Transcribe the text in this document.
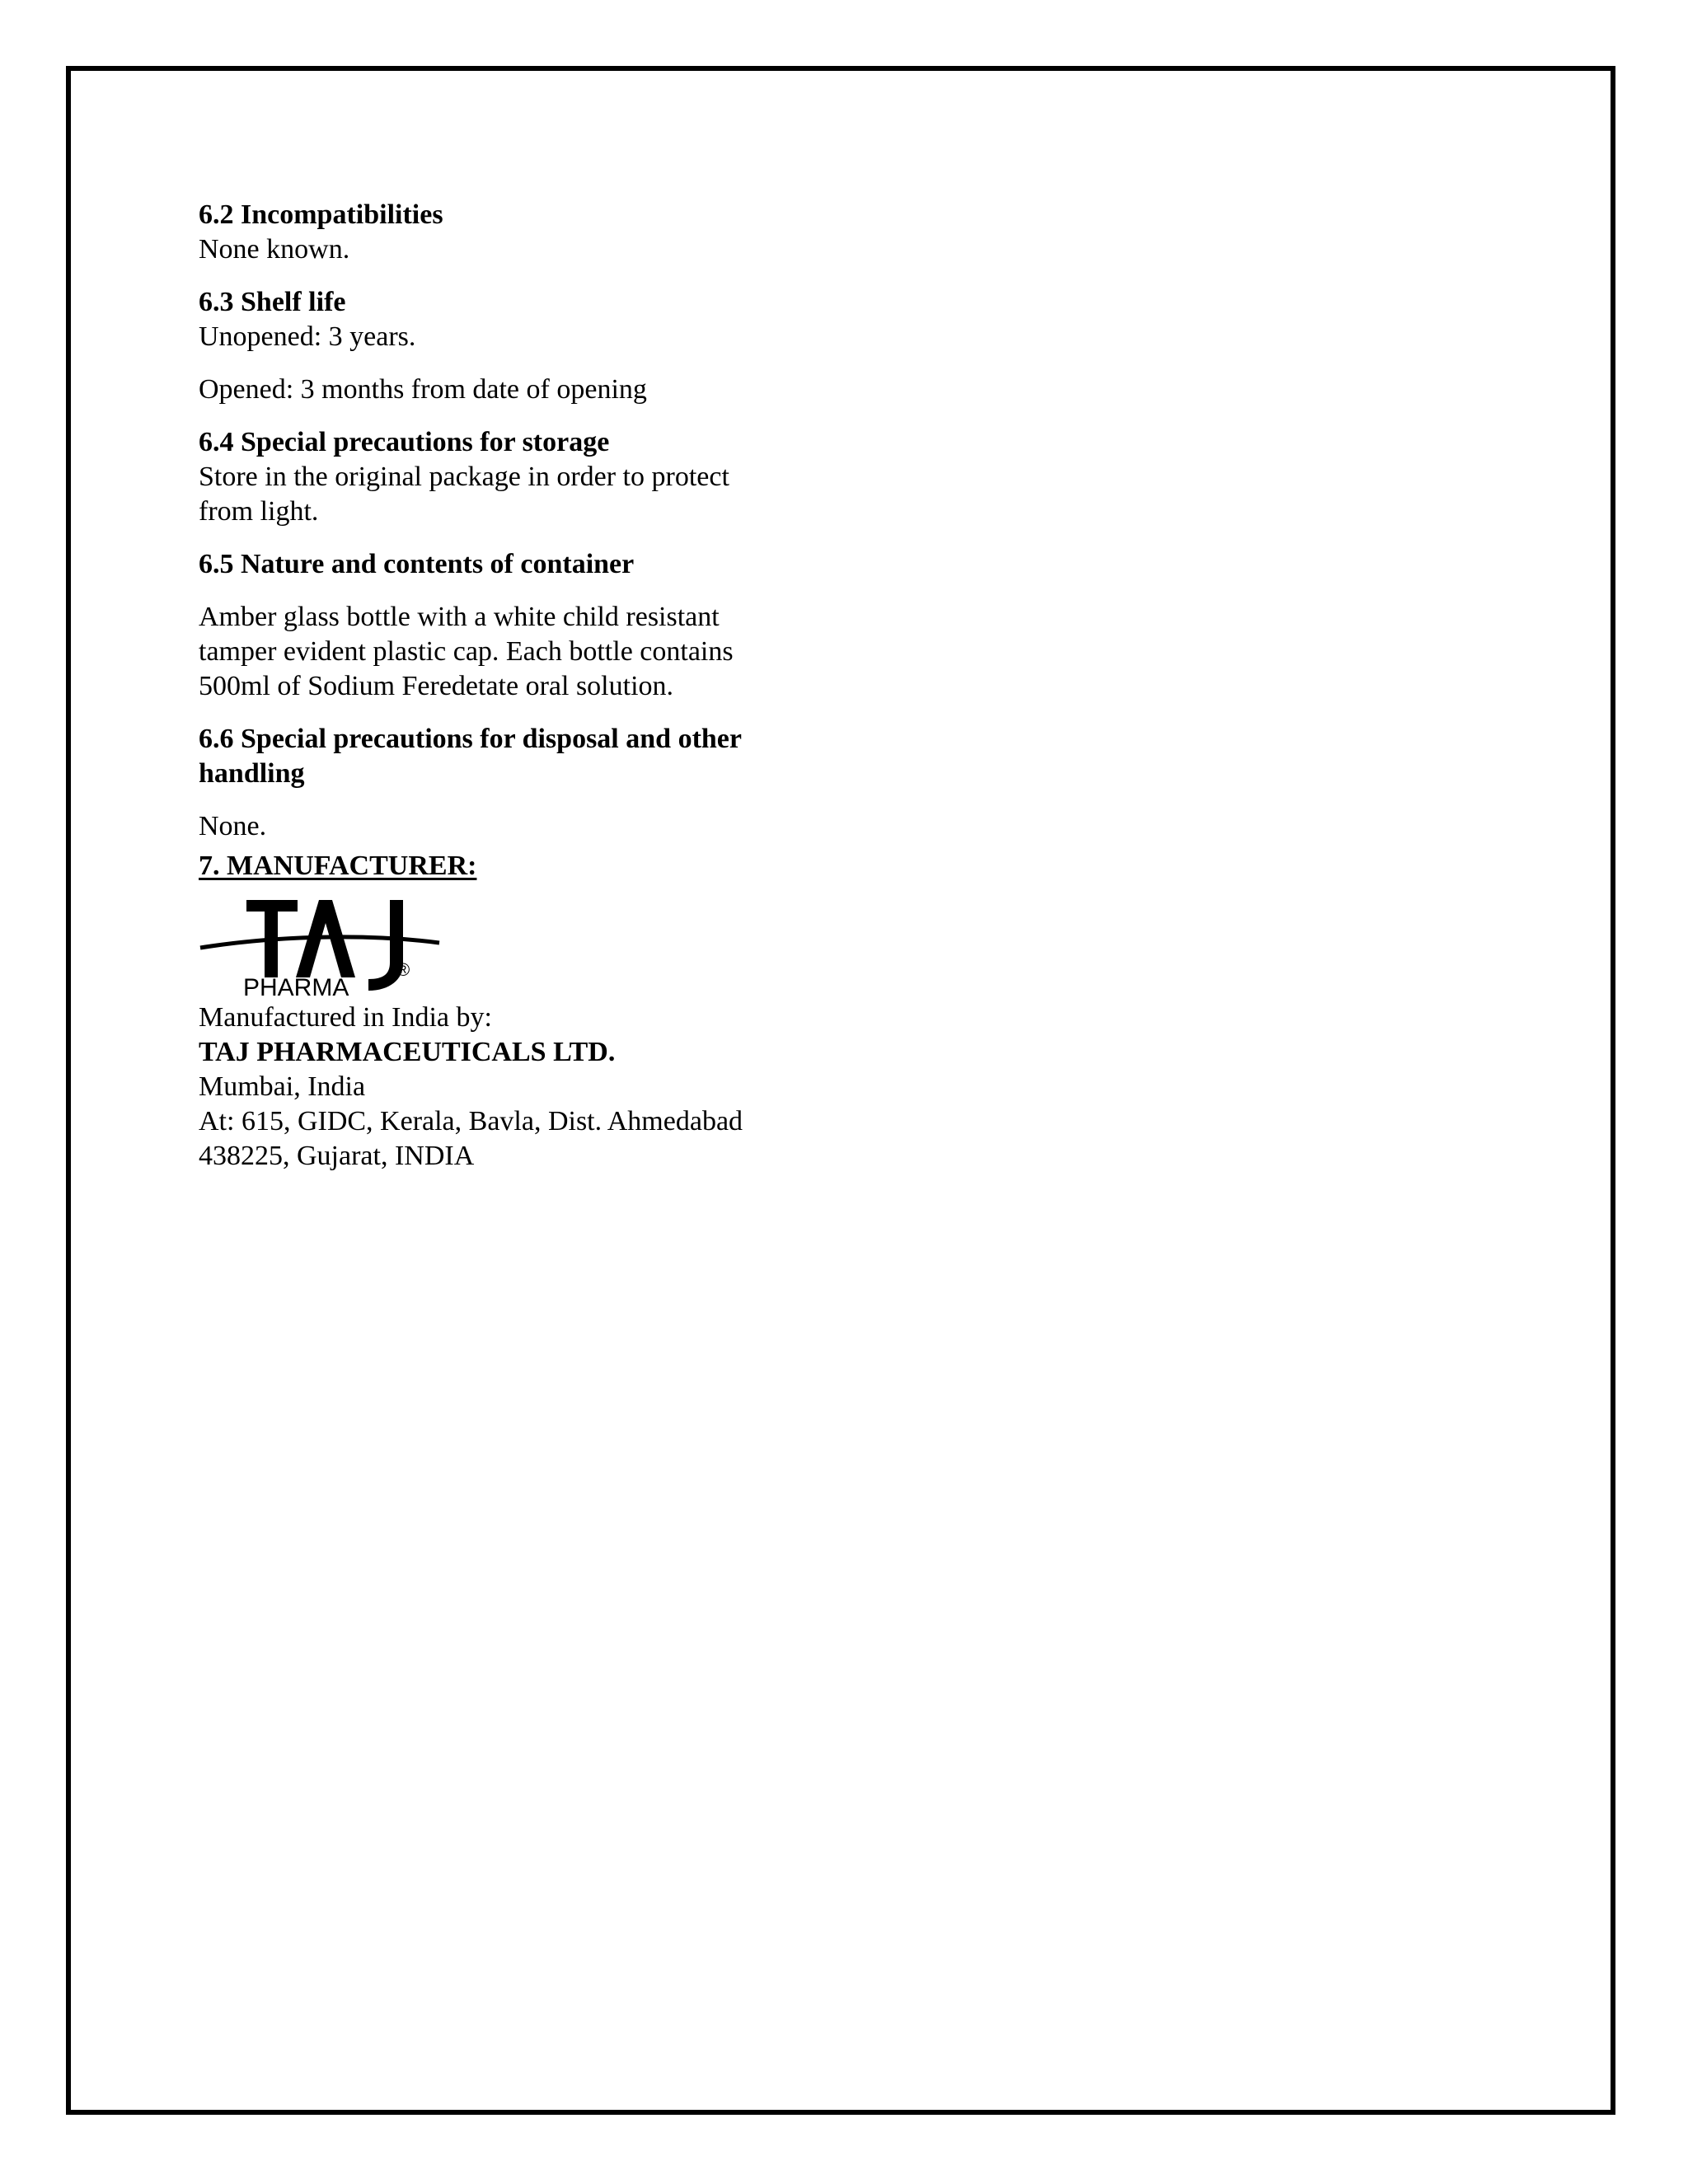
6.2 Incompatibilities

None known.

6.3 Shelf life

Unopened: 3 years.

Opened: 3 months from date of opening

6.4 Special precautions for storage

Store in the original package in order to protect

from light.

6.5 Nature and contents of container

Amber glass bottle with a white child resistant

tamper evident plastic cap. Each bottle contains

500ml of Sodium Feredetate oral solution.

6.6 Special precautions for disposal and other

handling

None.

7. MANUFACTURER:

PHARMA
®

Manufactured in India by:

TAJ PHARMACEUTICALS LTD.

Mumbai, India

At: 615, GIDC, Kerala, Bavla, Dist. Ahmedabad

438225, Gujarat, INDIA
